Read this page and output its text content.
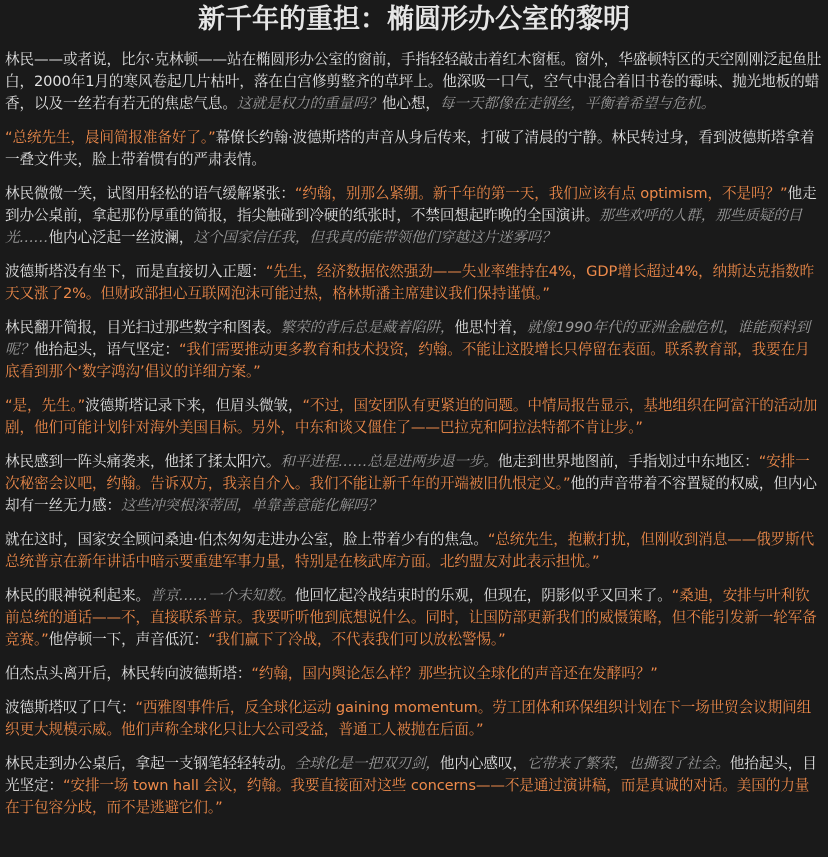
新千年的重担：椭圆形办公室的黎明

林民——或者说，比尔·克林顿——站在椭圆形办公室的窗前，手指轻轻敲击着红木窗框。窗外，华盛顿特区的天空刚刚泛起鱼肚白，2000年1月的寒风卷起几片枯叶，落在白宫修剪整齐的草坪上。他深吸一口气，空气中混合着旧书卷的霉味、抛光地板的蜡香，以及一丝若有若无的焦虑气息。这就是权力的重量吗？他心想，每一天都像在走钢丝，平衡着希望与危机。

“总统先生，晨间简报准备好了。”幕僚长约翰·波德斯塔的声音从身后传来，打破了清晨的宁静。林民转过身，看到波德斯塔拿着一叠文件夹，脸上带着惯有的严肃表情。

林民微微一笑，试图用轻松的语气缓解紧张：“约翰，别那么紧绷。新千年的第一天，我们应该有点 optimism，不是吗？”他走到办公桌前，拿起那份厚重的简报，指尖触碰到冷硬的纸张时，不禁回想起昨晚的全国演讲。那些欢呼的人群，那些质疑的目光……他内心泛起一丝波澜，这个国家信任我，但我真的能带领他们穿越这片迷雾吗？

波德斯塔没有坐下，而是直接切入正题：“先生，经济数据依然强劲——失业率维持在4%，GDP增长超过4%，纳斯达克指数昨天又涨了2%。但财政部担心互联网泡沫可能过热，格林斯潘主席建议我们保持谨慎。”

林民翻开简报，目光扫过那些数字和图表。繁荣的背后总是藏着陷阱，他思忖着，就像1990年代的亚洲金融危机，谁能预料到呢？他抬起头，语气坚定：“我们需要推动更多教育和技术投资，约翰。不能让这股增长只停留在表面。联系教育部，我要在月底看到那个‘数字鸿沟’倡议的详细方案。”

“是，先生。”波德斯塔记录下来，但眉头微皱，“不过，国安团队有更紧迫的问题。中情局报告显示，基地组织在阿富汗的活动加剧，他们可能计划针对海外美国目标。另外，中东和谈又僵住了——巴拉克和阿拉法特都不肯让步。”

林民感到一阵头痛袭来，他揉了揉太阳穴。和平进程……总是进两步退一步。他走到世界地图前，手指划过中东地区：“安排一次秘密会议吧，约翰。告诉双方，我亲自介入。我们不能让新千年的开端被旧仇恨定义。”他的声音带着不容置疑的权威，但内心却有一丝无力感：这些冲突根深蒂固，单靠善意能化解吗？

就在这时，国家安全顾问桑迪·伯杰匆匆走进办公室，脸上带着少有的焦急。“总统先生，抱歉打扰，但刚收到消息——俄罗斯代总统普京在新年讲话中暗示要重建军事力量，特别是在核武库方面。北约盟友对此表示担忧。”

林民的眼神锐利起来。普京……一个未知数。他回忆起冷战结束时的乐观，但现在，阴影似乎又回来了。“桑迪，安排与叶利钦前总统的通话——不，直接联系普京。我要听听他到底想说什么。同时，让国防部更新我们的威慑策略，但不能引发新一轮军备竞赛。”他停顿一下，声音低沉：“我们赢下了冷战，不代表我们可以放松警惕。”

伯杰点头离开后，林民转向波德斯塔：“约翰，国内舆论怎么样？那些抗议全球化的声音还在发酵吗？”

波德斯塔叹了口气：“西雅图事件后，反全球化运动 gaining momentum。劳工团体和环保组织计划在下一场世贸会议期间组织更大规模示威。他们声称全球化只让大公司受益，普通工人被抛在后面。”

林民走到办公桌后，拿起一支钢笔轻轻转动。全球化是一把双刃剑，他内心感叹，它带来了繁荣，也撕裂了社会。他抬起头，目光坚定：“安排一场 town hall 会议，约翰。我要直接面对这些 concerns——不是通过演讲稿，而是真诚的对话。美国的力量在于包容分歧，而不是逃避它们。”
